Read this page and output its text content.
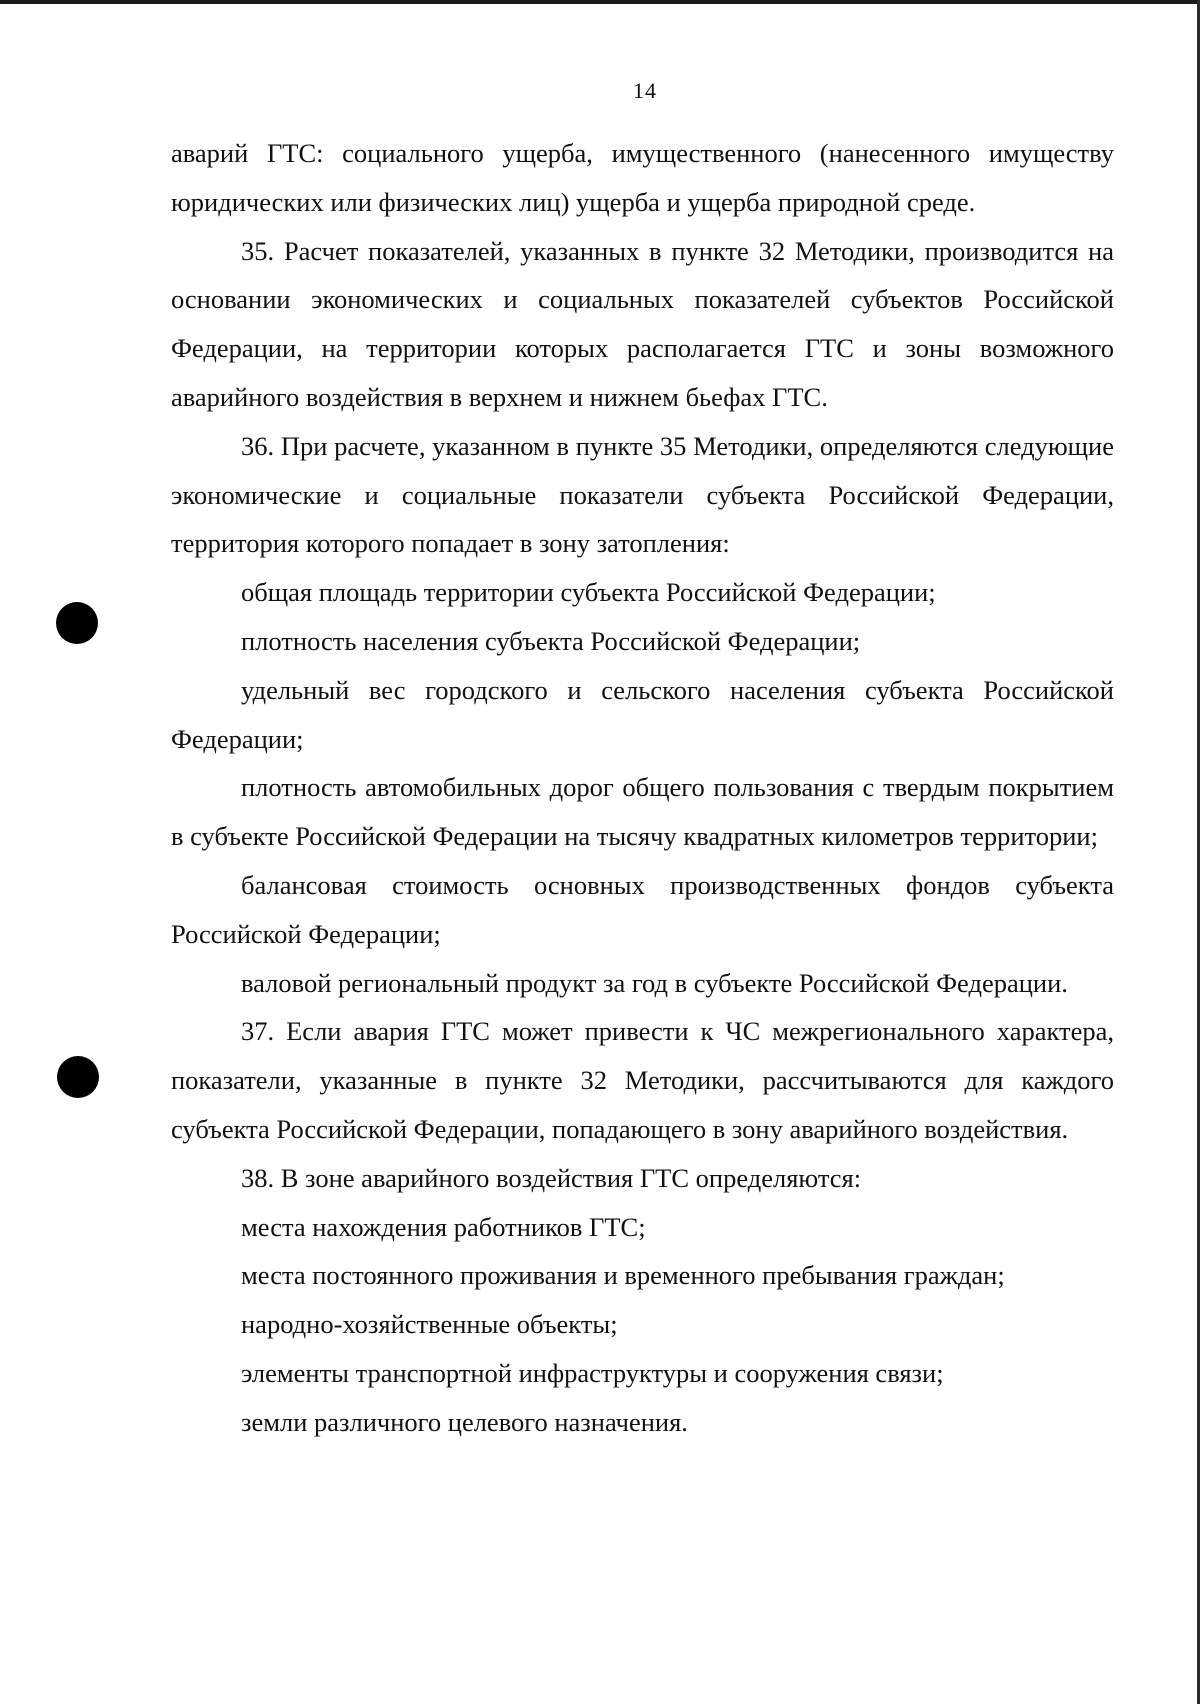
14

аварий ГТС: социального ущерба, имущественного (нанесенного имуществу юридических или физических лиц) ущерба и ущерба природной среде.

35. Расчет показателей, указанных в пункте 32 Методики, производится на основании экономических и социальных показателей субъектов Российской Федерации, на территории которых располагается ГТС и зоны возможного аварийного воздействия в верхнем и нижнем бьефах ГТС.

36. При расчете, указанном в пункте 35 Методики, определяются следующие экономические и социальные показатели субъекта Российской Федерации, территория которого попадает в зону затопления:

общая площадь территории субъекта Российской Федерации;

плотность населения субъекта Российской Федерации;

удельный вес городского и сельского населения субъекта Российской Федерации;

плотность автомобильных дорог общего пользования с твердым покрытием в субъекте Российской Федерации на тысячу квадратных километров территории;

балансовая стоимость основных производственных фондов субъекта Российской Федерации;

валовой региональный продукт за год в субъекте Российской Федерации.

37. Если авария ГТС может привести к ЧС межрегионального характера, показатели, указанные в пункте 32 Методики, рассчитываются для каждого субъекта Российской Федерации, попадающего в зону аварийного воздействия.

38. В зоне аварийного воздействия ГТС определяются:

места нахождения работников ГТС;

места постоянного проживания и временного пребывания граждан;

народно-хозяйственные объекты;

элементы транспортной инфраструктуры и сооружения связи;

земли различного целевого назначения.
